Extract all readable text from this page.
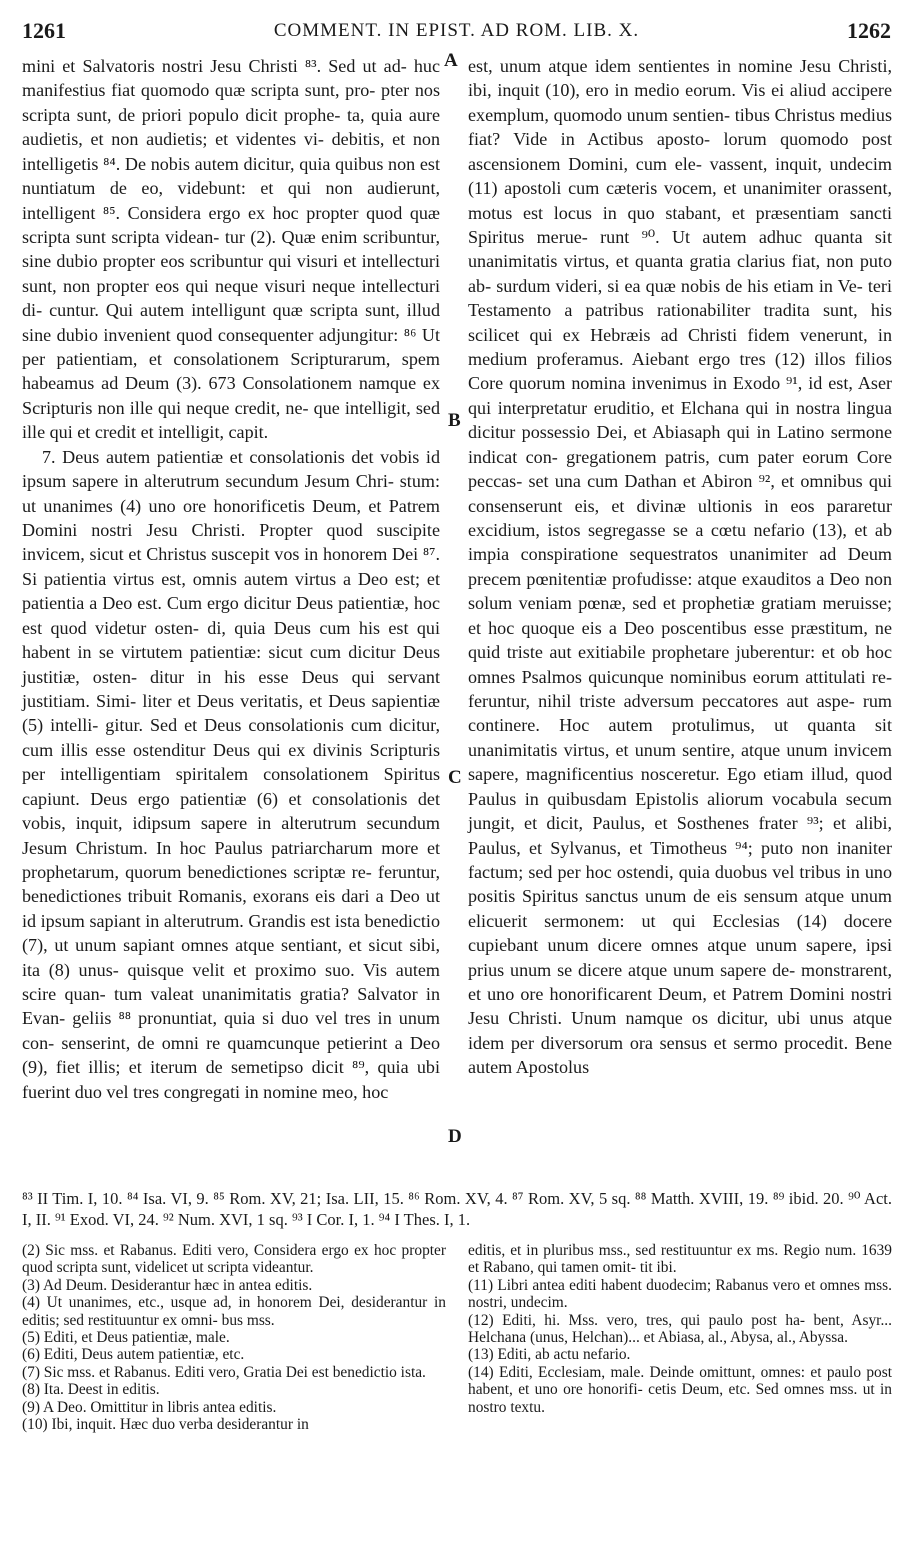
1261	COMMENT. IN EPIST. AD ROM. LIB. X.	1262

mini et Salvatoris nostri Jesu Christi ⁸³. Sed ut ad- huc manifestius fiat quomodo quæ scripta sunt, pro- pter nos scripta sunt, de priori populo dicit prophe- ta, quia aure audietis, et non audietis; et videntes vi- debitis, et non intelligetis ⁸⁴. De nobis autem dicitur, quia quibus non est nuntiatum de eo, videbunt: et qui non audierunt, intelligent ⁸⁵. Considera ergo ex hoc propter quod quæ scripta sunt scripta videan- tur (2). Quæ enim scribuntur, sine dubio propter eos scribuntur qui visuri et intellecturi sunt, non propter eos qui neque visuri neque intellecturi di- cuntur. Qui autem intelligunt quæ scripta sunt, illud sine dubio invenient quod consequenter adjungitur: ⁸⁶ Ut per patientiam, et consolationem Scripturarum, spem habeamus ad Deum (3). 673 Consolationem namque ex Scripturis non ille qui neque credit, ne- que intelligit, sed ille qui et credit et intelligit, capit.

7. Deus autem patientiæ et consolationis det vobis id ipsum sapere in alterutrum secundum Jesum Chri- stum: ut unanimes (4) uno ore honorificetis Deum, et Patrem Domini nostri Jesu Christi. Propter quod suscipite invicem, sicut et Christus suscepit vos in honorem Dei ⁸⁷. Si patientia virtus est, omnis autem virtus a Deo est; et patientia a Deo est. Cum ergo dicitur Deus patientiæ, hoc est quod videtur osten- di, quia Deus cum his est qui habent in se virtutem patientiæ: sicut cum dicitur Deus justitiæ, osten- ditur in his esse Deus qui servant justitiam. Simi- liter et Deus veritatis, et Deus sapientiæ (5) intelli- gitur. Sed et Deus consolationis cum dicitur, cum illis esse ostenditur Deus qui ex divinis Scripturis per intelligentiam spiritalem consolationem Spiritus capiunt. Deus ergo patientiæ (6) et consolationis det vobis, inquit, idipsum sapere in alterutrum secundum Jesum Christum. In hoc Paulus patriarcharum more et prophetarum, quorum benedictiones scriptæ re- feruntur, benedictiones tribuit Romanis, exorans eis dari a Deo ut id ipsum sapiant in alterutrum. Grandis est ista benedictio (7), ut unum sapiant omnes atque sentiant, et sicut sibi, ita (8) unus- quisque velit et proximo suo. Vis autem scire quan- tum valeat unanimitatis gratia? Salvator in Evan- geliis ⁸⁸ pronuntiat, quia si duo vel tres in unum con- senserint, de omni re quamcunque petierint a Deo (9), fiet illis; et iterum de semetipso dicit ⁸⁹, quia ubi fuerint duo vel tres congregati in nomine meo, hoc

est, unum atque idem sentientes in nomine Jesu Christi, ibi, inquit (10), ero in medio eorum. Vis ei aliud accipere exemplum, quomodo unum sentien- tibus Christus medius fiat? Vide in Actibus aposto- lorum quomodo post ascensionem Domini, cum ele- vassent, inquit, undecim (11) apostoli cum cæteris vocem, et unanimiter orassent, motus est locus in quo stabant, et præsentiam sancti Spiritus merue- runt ⁹⁰. Ut autem adhuc quanta sit unanimitatis virtus, et quanta gratia clarius fiat, non puto ab- surdum videri, si ea quæ nobis de his etiam in Ve- teri Testamento a patribus rationabiliter tradita sunt, his scilicet qui ex Hebræis ad Christi fidem venerunt, in medium proferamus. Aiebant ergo tres (12) illos filios Core quorum nomina invenimus in Exodo ⁹¹, id est, Aser qui interpretatur eruditio, et Elchana qui in nostra lingua dicitur possessio Dei, et Abiasaph qui in Latino sermone indicat con- gregationem patris, cum pater eorum Core peccas- set una cum Dathan et Abiron ⁹², et omnibus qui consenserunt eis, et divinæ ultionis in eos pararetur excidium, istos segregasse se a cœtu nefario (13), et ab impia conspiratione sequestratos unanimiter ad Deum precem pœnitentiæ profudisse: atque exauditos a Deo non solum veniam pœnæ, sed et prophetiæ gratiam meruisse; et hoc quoque eis a Deo poscentibus esse præstitum, ne quid triste aut exitiabile prophetare juberentur: et ob hoc omnes Psalmos quicunque nominibus eorum attitulati re- feruntur, nihil triste adversum peccatores aut aspe- rum continere. Hoc autem protulimus, ut quanta sit unanimitatis virtus, et unum sentire, atque unum invicem sapere, magnificentius nosceretur. Ego etiam illud, quod Paulus in quibusdam Epistolis aliorum vocabula secum jungit, et dicit, Paulus, et Sosthenes frater ⁹³; et alibi, Paulus, et Sylvanus, et Timotheus ⁹⁴; puto non inaniter factum; sed per hoc ostendi, quia duobus vel tribus in uno positis Spiritus sanctus unum de eis sensum atque unum elicuerit sermonem: ut qui Ecclesias (14) docere cupiebant unum dicere omnes atque unum sapere, ipsi prius unum se dicere atque unum sapere de- monstrarent, et uno ore honorificarent Deum, et Patrem Domini nostri Jesu Christi. Unum namque os dicitur, ubi unus atque idem per diversorum ora sensus et sermo procedit. Bene autem Apostolus

A
B
C
D
⁸³ II Tim. I, 10. ⁸⁴ Isa. VI, 9. ⁸⁵ Rom. XV, 21; Isa. LII, 15. ⁸⁶ Rom. XV, 4. ⁸⁷ Rom. XV, 5 sq. ⁸⁸ Matth. XVIII, 19. ⁸⁹ ibid. 20. ⁹⁰ Act. I, II. ⁹¹ Exod. VI, 24. ⁹² Num. XVI, 1 sq. ⁹³ I Cor. I, 1. ⁹⁴ I Thes. I, 1.

(2) Sic mss. et Rabanus. Editi vero, Considera ergo ex hoc propter quod scripta sunt, videlicet ut scripta videantur.

(3) Ad Deum. Desiderantur hæc in antea editis.

(4) Ut unanimes, etc., usque ad, in honorem Dei, desiderantur in editis; sed restituuntur ex omni- bus mss.

(5) Editi, et Deus patientiæ, male.

(6) Editi, Deus autem patientiæ, etc.

(7) Sic mss. et Rabanus. Editi vero, Gratia Dei est benedictio ista.

(8) Ita. Deest in editis.

(9) A Deo. Omittitur in libris antea editis.

(10) Ibi, inquit. Hæc duo verba desiderantur in

editis, et in pluribus mss., sed restituuntur ex ms. Regio num. 1639 et Rabano, qui tamen omit- tit ibi.

(11) Libri antea editi habent duodecim; Rabanus vero et omnes mss. nostri, undecim.

(12) Editi, hi. Mss. vero, tres, qui paulo post ha- bent, Asyr... Helchana (unus, Helchan)... et Abiasa, al., Abysa, al., Abyssa.

(13) Editi, ab actu nefario.

(14) Editi, Ecclesiam, male. Deinde omittunt, omnes: et paulo post habent, et uno ore honorifi- cetis Deum, etc. Sed omnes mss. ut in nostro textu.
